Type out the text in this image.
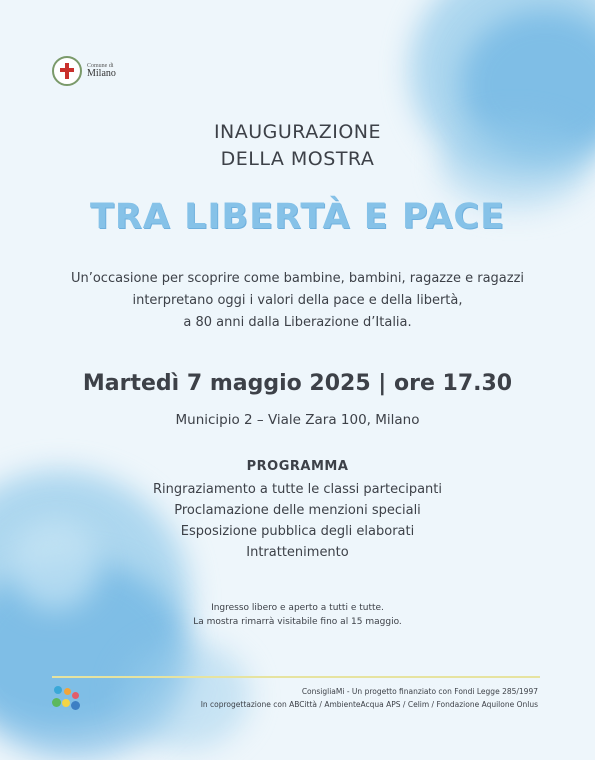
Comune di
Milano
INAUGURAZIONE
DELLA MOSTRA
TRA LIBERTÀ E PACE
Un’occasione per scoprire come bambine, bambini, ragazze e ragazzi
interpretano oggi i valori della pace e della libertà,
a 80 anni dalla Liberazione d’Italia.
Martedì 7 maggio 2025 | ore 17.30
Municipio 2 – Viale Zara 100, Milano
PROGRAMMA
Ringraziamento a tutte le classi partecipanti
Proclamazione delle menzioni speciali
Esposizione pubblica degli elaborati
Intrattenimento
Ingresso libero e aperto a tutti e tutte.
La mostra rimarrà visitabile fino al 15 maggio.
ConsigliaMi - Un progetto finanziato con Fondi Legge 285/1997
In coprogettazione con ABCittà / AmbienteAcqua APS / Celim / Fondazione Aquilone Onlus
